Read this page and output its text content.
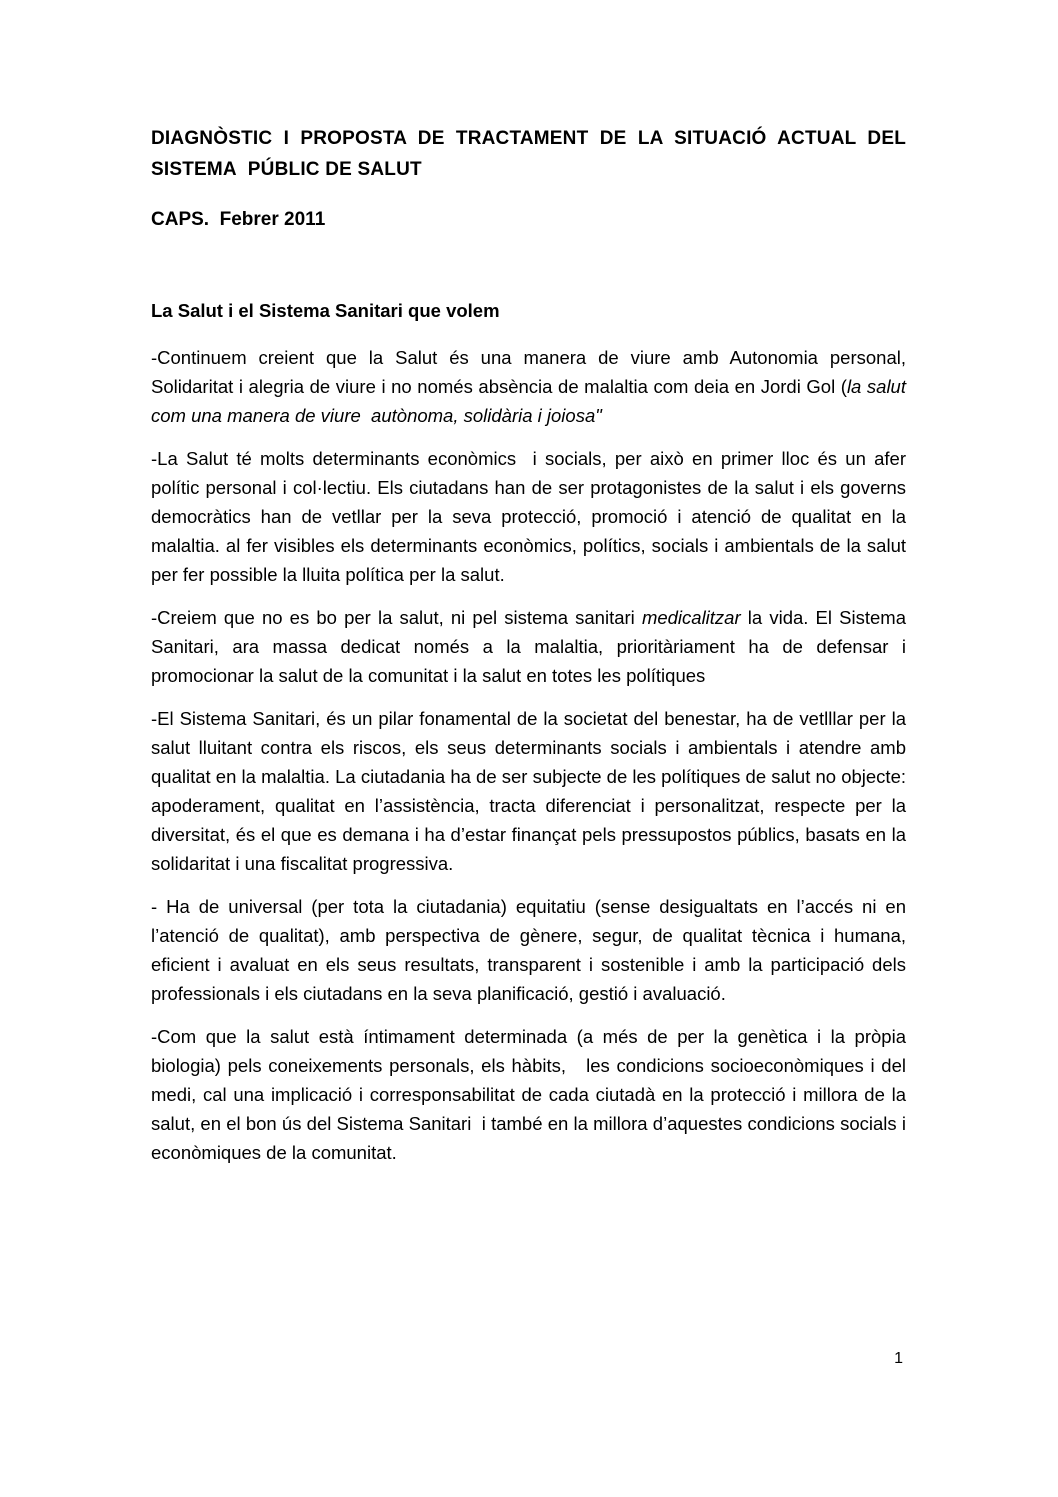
DIAGNÒSTIC I PROPOSTA DE TRACTAMENT DE LA SITUACIÓ ACTUAL DEL SISTEMA  PÚBLIC DE SALUT
CAPS.  Febrer 2011
La Salut i el Sistema Sanitari que volem

-Continuem creient que la Salut és una manera de viure amb Autonomia personal, Solidaritat i alegria de viure i no només absència de malaltia com deia en Jordi Gol (la salut com una manera de viure  autònoma, solidària i joiosa"

-La Salut té molts determinants econòmics  i socials, per això en primer lloc és un afer polític personal i col·lectiu. Els ciutadans han de ser protagonistes de la salut i els governs democràtics han de vetllar per la seva protecció, promoció i atenció de qualitat en la malaltia. al fer visibles els determinants econòmics, polítics, socials i ambientals de la salut per fer possible la lluita política per la salut.

-Creiem que no es bo per la salut, ni pel sistema sanitari medicalitzar la vida. El Sistema Sanitari, ara massa dedicat només a la malaltia, prioritàriament ha de defensar i promocionar la salut de la comunitat i la salut en totes les polítiques

-El Sistema Sanitari, és un pilar fonamental de la societat del benestar, ha de vetlllar per la salut lluitant contra els riscos, els seus determinants socials i ambientals i atendre amb qualitat en la malaltia. La ciutadania ha de ser subjecte de les polítiques de salut no objecte: apoderament, qualitat en l’assistència, tracta diferenciat i personalitzat, respecte per la diversitat, és el que es demana i ha d’estar finançat pels pressupostos públics, basats en la solidaritat i una fiscalitat progressiva.

- Ha de universal (per tota la ciutadania) equitatiu (sense desigualtats en l’accés ni en l’atenció de qualitat), amb perspectiva de gènere, segur, de qualitat tècnica i humana, eficient i avaluat en els seus resultats, transparent i sostenible i amb la participació dels professionals i els ciutadans en la seva planificació, gestió i avaluació.

-Com que la salut està íntimament determinada (a més de per la genètica i la pròpia biologia) pels coneixements personals, els hàbits,   les condicions socioeconòmiques i del medi, cal una implicació i corresponsabilitat de cada ciutadà en la protecció i millora de la salut, en el bon ús del Sistema Sanitari  i també en la millora d’aquestes condicions socials i econòmiques de la comunitat.

1
